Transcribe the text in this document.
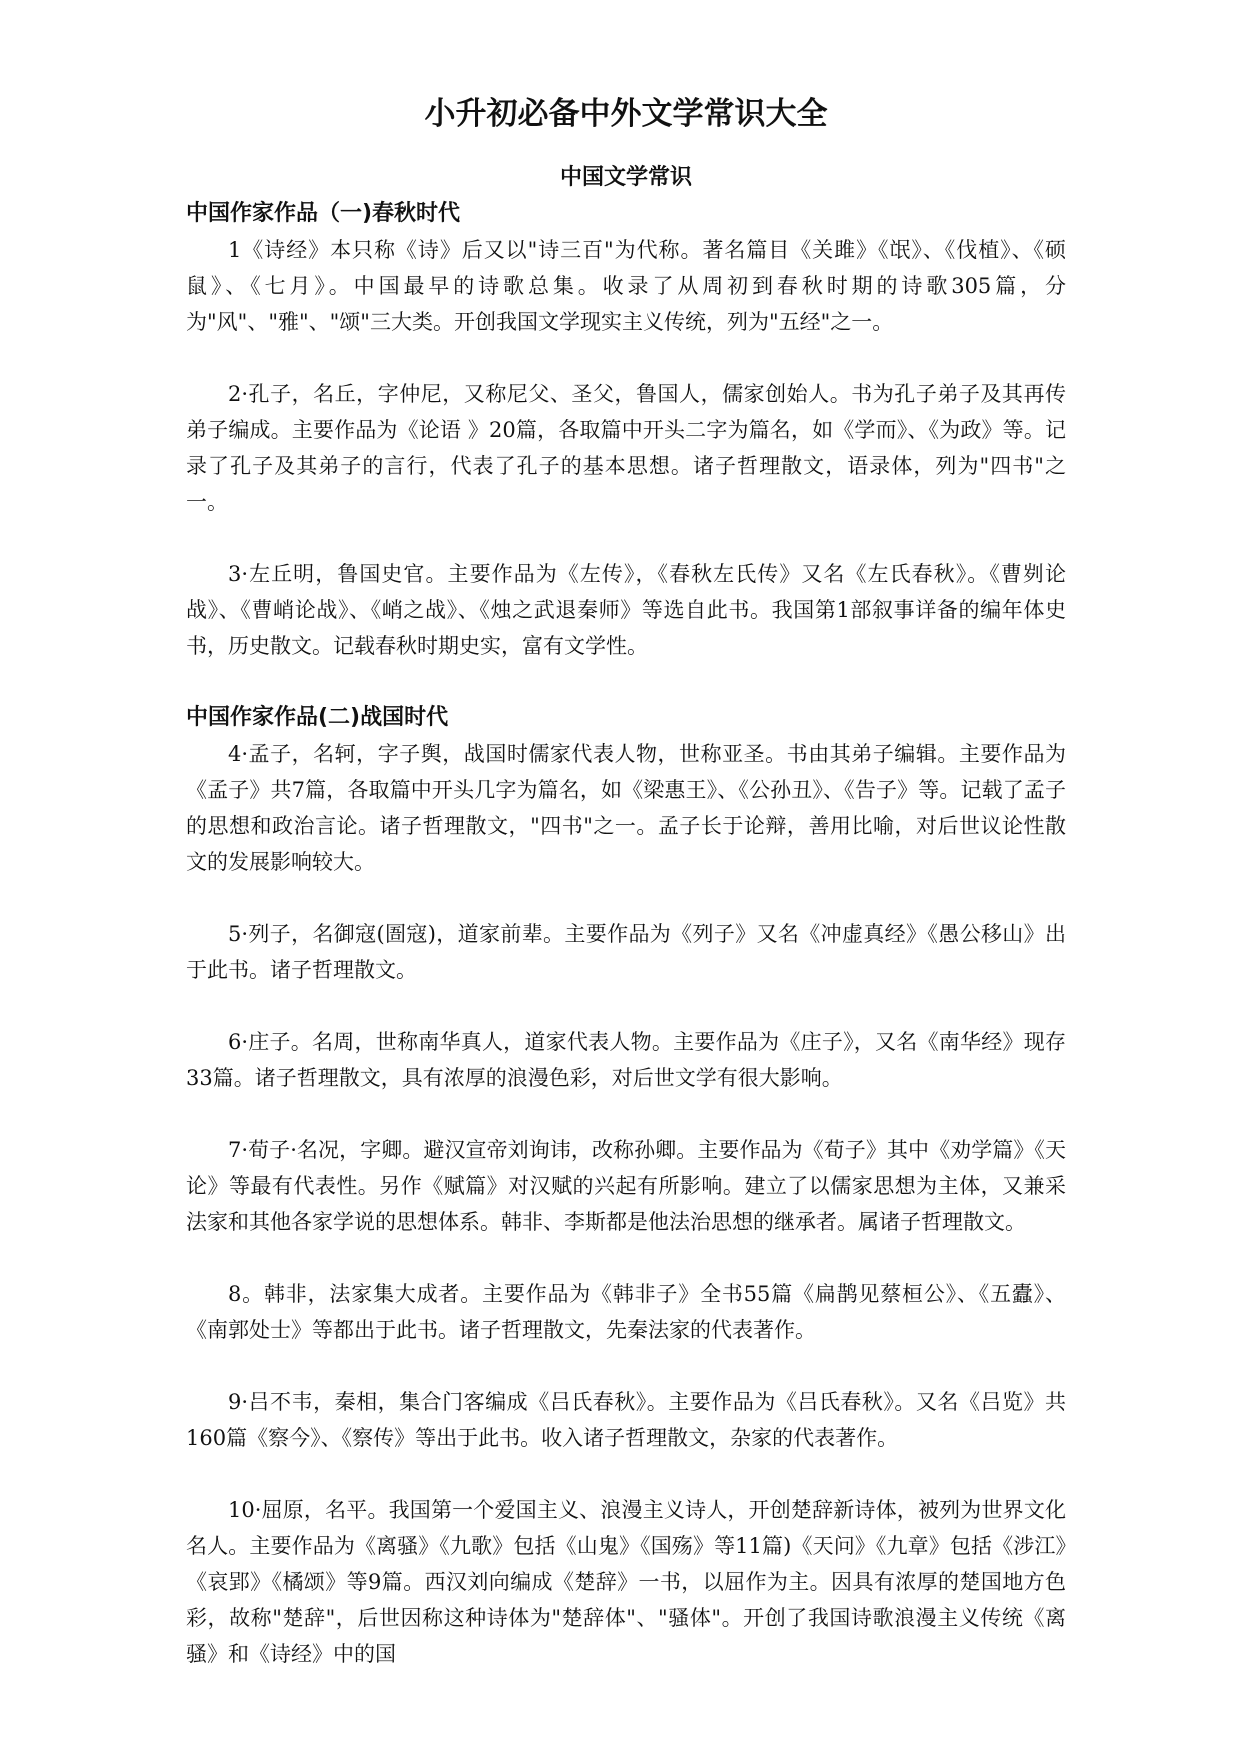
小升初必备中外文学常识大全
中国文学常识
中国作家作品（一)春秋时代

1《诗经》本只称《诗》后又以"诗三百"为代称。著名篇目《关雎》《氓》、《伐植》、《硕鼠》、《七月》。中国最早的诗歌总集。收录了从周初到春秋时期的诗歌305篇，分为"风"、"雅"、"颂"三大类。开创我国文学现实主义传统，列为"五经"之一。

2·孔子，名丘，字仲尼，又称尼父、圣父，鲁国人，儒家创始人。书为孔子弟子及其再传弟子编成。主要作品为《论语 》20篇，各取篇中开头二字为篇名，如《学而》、《为政》等。记录了孔子及其弟子的言行，代表了孔子的基本思想。诸子哲理散文，语录体，列为"四书"之一。

3·左丘明，鲁国史官。主要作品为《左传》，《春秋左氏传》又名《左氏春秋》。《曹刿论战》、《曹峭论战》、《峭之战》、《烛之武退秦师》等选自此书。我国第1部叙事详备的编年体史书，历史散文。记载春秋时期史实，富有文学性。

中国作家作品(二)战国时代

4·孟子，名轲，字子舆，战国时儒家代表人物，世称亚圣。书由其弟子编辑。主要作品为《孟子》共7篇，各取篇中开头几字为篇名，如《梁惠王》、《公孙丑》、《告子》等。记载了孟子的思想和政治言论。诸子哲理散文，"四书"之一。孟子长于论辩，善用比喻，对后世议论性散文的发展影响较大。

5·列子，名御寇(圄寇)，道家前辈。主要作品为《列子》又名《冲虚真经》《愚公移山》出于此书。诸子哲理散文。

6·庄子。名周，世称南华真人，道家代表人物。主要作品为《庄子》，又名《南华经》现存33篇。诸子哲理散文，具有浓厚的浪漫色彩，对后世文学有很大影响。

7·荀子·名况，字卿。避汉宣帝刘询讳，改称孙卿。主要作品为《荀子》其中《劝学篇》《天论》等最有代表性。另作《赋篇》对汉赋的兴起有所影响。建立了以儒家思想为主体，又兼采法家和其他各家学说的思想体系。韩非、李斯都是他法治思想的继承者。属诸子哲理散文。

8。韩非，法家集大成者。主要作品为《韩非子》全书55篇《扁鹊见蔡桓公》、《五蠹》、《南郭处士》等都出于此书。诸子哲理散文，先秦法家的代表著作。

9·吕不韦，秦相，集合门客编成《吕氏春秋》。主要作品为《吕氏春秋》。又名《吕览》共160篇《察今》、《察传》等出于此书。收入诸子哲理散文，杂家的代表著作。

10·屈原，名平。我国第一个爱国主义、浪漫主义诗人，开创楚辞新诗体，被列为世界文化名人。主要作品为《离骚》《九歌》包括《山鬼》《国殇》等11篇)《天问》《九章》包括《涉江》《哀郢》《橘颂》等9篇。西汉刘向编成《楚辞》一书，以屈作为主。因具有浓厚的楚国地方色彩，故称"楚辞"，后世因称这种诗体为"楚辞体"、"骚体"。开创了我国诗歌浪漫主义传统《离骚》和《诗经》中的国
